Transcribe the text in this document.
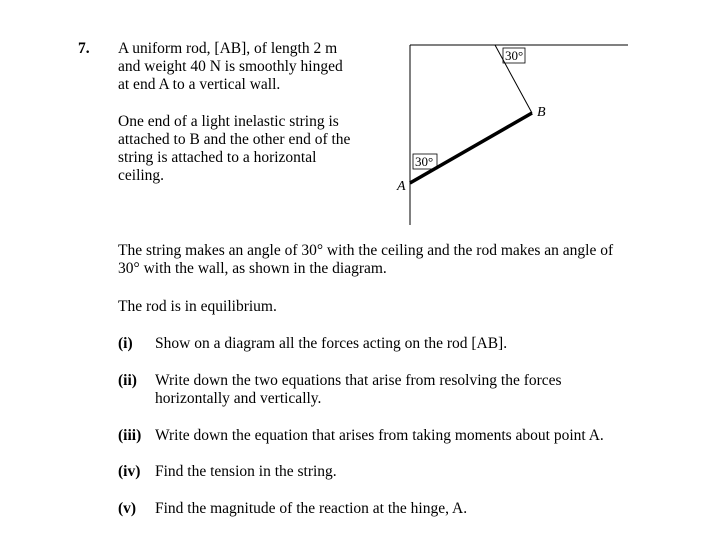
7. A uniform rod, [AB], of length 2 m
and weight 40 N is smoothly hinged
at end A to a vertical wall.
One end of a light inelastic string is
attached to B and the other end of the
string is attached to a horizontal
ceiling.
30°
30°
B
A
The string makes an angle of 30° with the ceiling and the rod makes an angle of
30° with the wall, as shown in the diagram.
The rod is in equilibrium.
(i) Show on a diagram all the forces acting on the rod [AB].
(ii) Write down the two equations that arise from resolving the forces
horizontally and vertically.
(iii) Write down the equation that arises from taking moments about point A.
(iv) Find the tension in the string.
(v) Find the magnitude of the reaction at the hinge, A.
